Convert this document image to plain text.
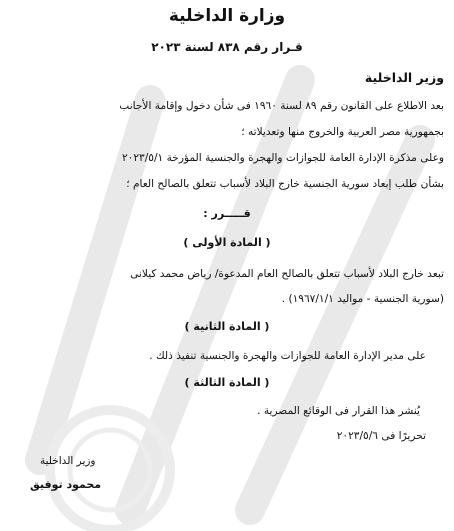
وزارة الداخلية
قـرار رقم ٨٣٨ لسنة ٢٠٢٣
وزير الداخلية
بعد الاطلاع على القانون رقم ٨٩ لسنة ١٩٦٠ فى شأن دخول وإقامة الأجانب
بجمهورية مصر العربية والخروج منها وتعديلاته ؛
وعلى مذكرة الإدارة العامة للجوازات والهجرة والجنسية المؤرخة ٢٠٢٣/٥/١
بشأن طلب إبعاد سورية الجنسية خارج البلاد لأسباب تتعلق بالصالح العام ؛
قـــــرر :
( المادة الأولى )
تبعد خارج البلاد لأسباب تتعلق بالصالح العام المدعوة/ رياض محمد كيلانى
(سورية الجنسية - مواليد ١٩٦٧/١/١) .
( المادة الثانية )
على مدير الإدارة العامة للجوازات والهجرة والجنسية تنفيذ ذلك .
( المادة الثالثة )
يُنشر هذا القرار فى الوقائع المصرية .
تحريرًا فى ٢٠٢٣/٥/٦
وزير الداخلية
محمود توفيق
